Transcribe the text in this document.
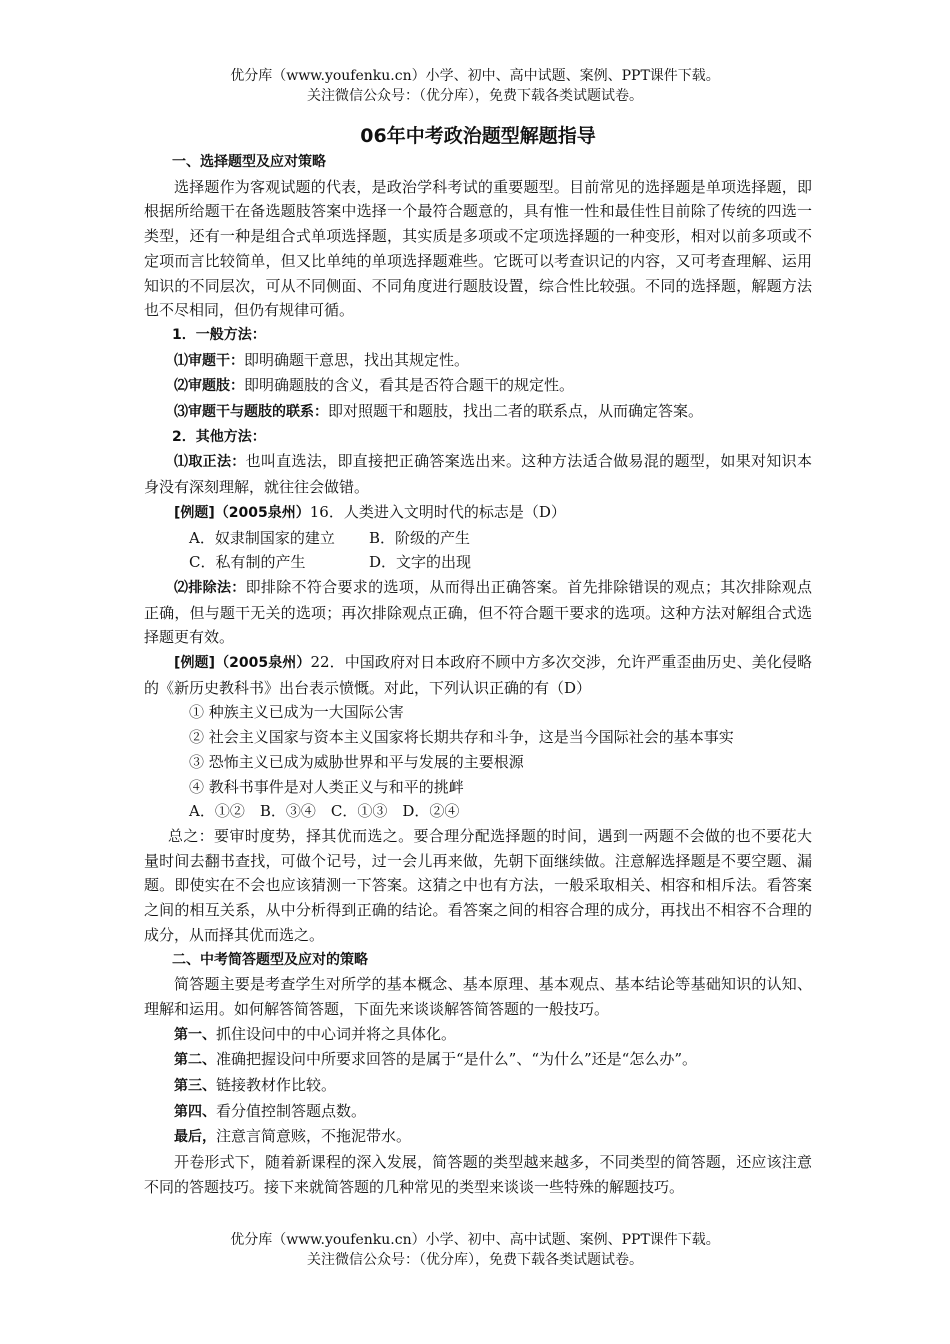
优分库（www.youfenku.cn）小学、初中、高中试题、案例、PPT课件下载。
关注微信公众号：（优分库），免费下载各类试题试卷。
06年中考政治题型解题指导

一、选择题型及应对策略

选择题作为客观试题的代表，是政治学科考试的重要题型。目前常见的选择题是单项选择题，即根据所给题干在备选题肢答案中选择一个最符合题意的，具有惟一性和最佳性目前除了传统的四选一类型，还有一种是组合式单项选择题，其实质是多项或不定项选择题的一种变形，相对以前多项或不定项而言比较简单，但又比单纯的单项选择题难些。它既可以考查识记的内容，又可考查理解、运用知识的不同层次，可从不同侧面、不同角度进行题肢设置，综合性比较强。不同的选择题，解题方法也不尽相同，但仍有规律可循。

1．一般方法：

⑴审题干：即明确题干意思，找出其规定性。

⑵审题肢：即明确题肢的含义，看其是否符合题干的规定性。

⑶审题干与题肢的联系：即对照题干和题肢，找出二者的联系点，从而确定答案。

2．其他方法：

⑴取正法：也叫直选法，即直接把正确答案选出来。这种方法适合做易混的题型，如果对知识本身没有深刻理解，就往往会做错。

[例题]（2005泉州）16．人类进入文明时代的标志是（D）

A．奴隶制国家的建立 B．阶级的产生

C．私有制的产生	D．文字的出现

⑵排除法：即排除不符合要求的选项，从而得出正确答案。首先排除错误的观点；其次排除观点正确，但与题干无关的选项；再次排除观点正确，但不符合题干要求的选项。这种方法对解组合式选择题更有效。

[例题]（2005泉州）22．中国政府对日本政府不顾中方多次交涉，允许严重歪曲历史、美化侵略的《新历史教科书》出台表示愤慨。对此，下列认识正确的有（D）

① 种族主义已成为一大国际公害

② 社会主义国家与资本主义国家将长期共存和斗争，这是当今国际社会的基本事实

③ 恐怖主义已成为威胁世界和平与发展的主要根源

④ 教科书事件是对人类正义与和平的挑衅

A．①②　B．③④　C．①③　D．②④

总之：要审时度势，择其优而选之。要合理分配选择题的时间，遇到一两题不会做的也不要花大量时间去翻书查找，可做个记号，过一会儿再来做，先朝下面继续做。注意解选择题是不要空题、漏题。即使实在不会也应该猜测一下答案。这猜之中也有方法，一般采取相关、相容和相斥法。看答案之间的相互关系，从中分析得到正确的结论。看答案之间的相容合理的成分，再找出不相容不合理的成分，从而择其优而选之。

二、中考简答题型及应对的策略

简答题主要是考查学生对所学的基本概念、基本原理、基本观点、基本结论等基础知识的认知、理解和运用。如何解答简答题，下面先来谈谈解答简答题的一般技巧。

第一、抓住设问中的中心词并将之具体化。

第二、准确把握设问中所要求回答的是属于“是什么”、“为什么”还是“怎么办”。

第三、链接教材作比较。

第四、看分值控制答题点数。

最后，注意言简意赅，不拖泥带水。

开卷形式下，随着新课程的深入发展，简答题的类型越来越多，不同类型的简答题，还应该注意不同的答题技巧。接下来就简答题的几种常见的类型来谈谈一些特殊的解题技巧。

优分库（www.youfenku.cn）小学、初中、高中试题、案例、PPT课件下载。
关注微信公众号：（优分库），免费下载各类试题试卷。
